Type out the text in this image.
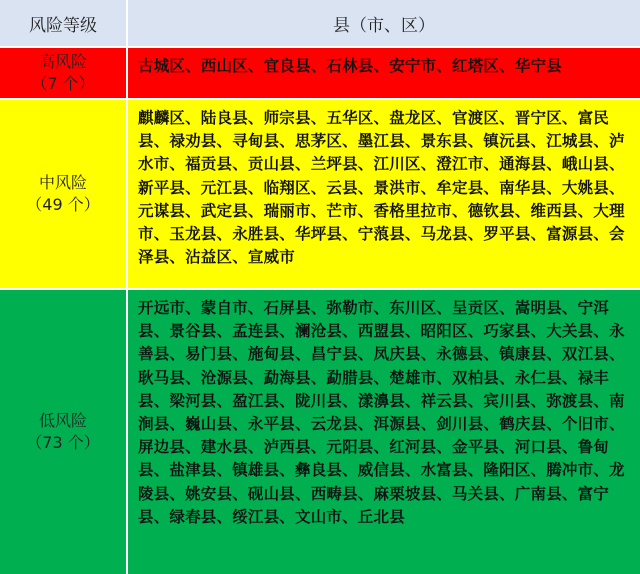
风险等级	县（市、区）
高风险
（7 个）
古城区、西山区、宜良县、石林县、安宁市、红塔区、华宁县
中风险
（49 个）
麒麟区、陆良县、师宗县、五华区、盘龙区、官渡区、晋宁区、富民县、禄劝县、寻甸县、思茅区、墨江县、景东县、镇沅县、江城县、泸水市、福贡县、贡山县、兰坪县、江川区、澄江市、通海县、峨山县、新平县、元江县、临翔区、云县、景洪市、牟定县、南华县、大姚县、元谋县、武定县、瑞丽市、芒市、香格里拉市、德钦县、维西县、大理市、玉龙县、永胜县、华坪县、宁蒗县、马龙县、罗平县、富源县、会泽县、沾益区、宣威市
低风险
（73 个）
开远市、蒙自市、石屏县、弥勒市、东川区、呈贡区、嵩明县、宁洱县、景谷县、孟连县、澜沧县、西盟县、昭阳区、巧家县、大关县、永善县、易门县、施甸县、昌宁县、凤庆县、永德县、镇康县、双江县、耿马县、沧源县、勐海县、勐腊县、楚雄市、双柏县、永仁县、禄丰县、梁河县、盈江县、陇川县、漾濞县、祥云县、宾川县、弥渡县、南涧县、巍山县、永平县、云龙县、洱源县、剑川县、鹤庆县、个旧市、屏边县、建水县、泸西县、元阳县、红河县、金平县、河口县、鲁甸县、盐津县、镇雄县、彝良县、威信县、水富县、隆阳区、腾冲市、龙陵县、姚安县、砚山县、西畴县、麻栗坡县、马关县、广南县、富宁县、绿春县、绥江县、文山市、丘北县
